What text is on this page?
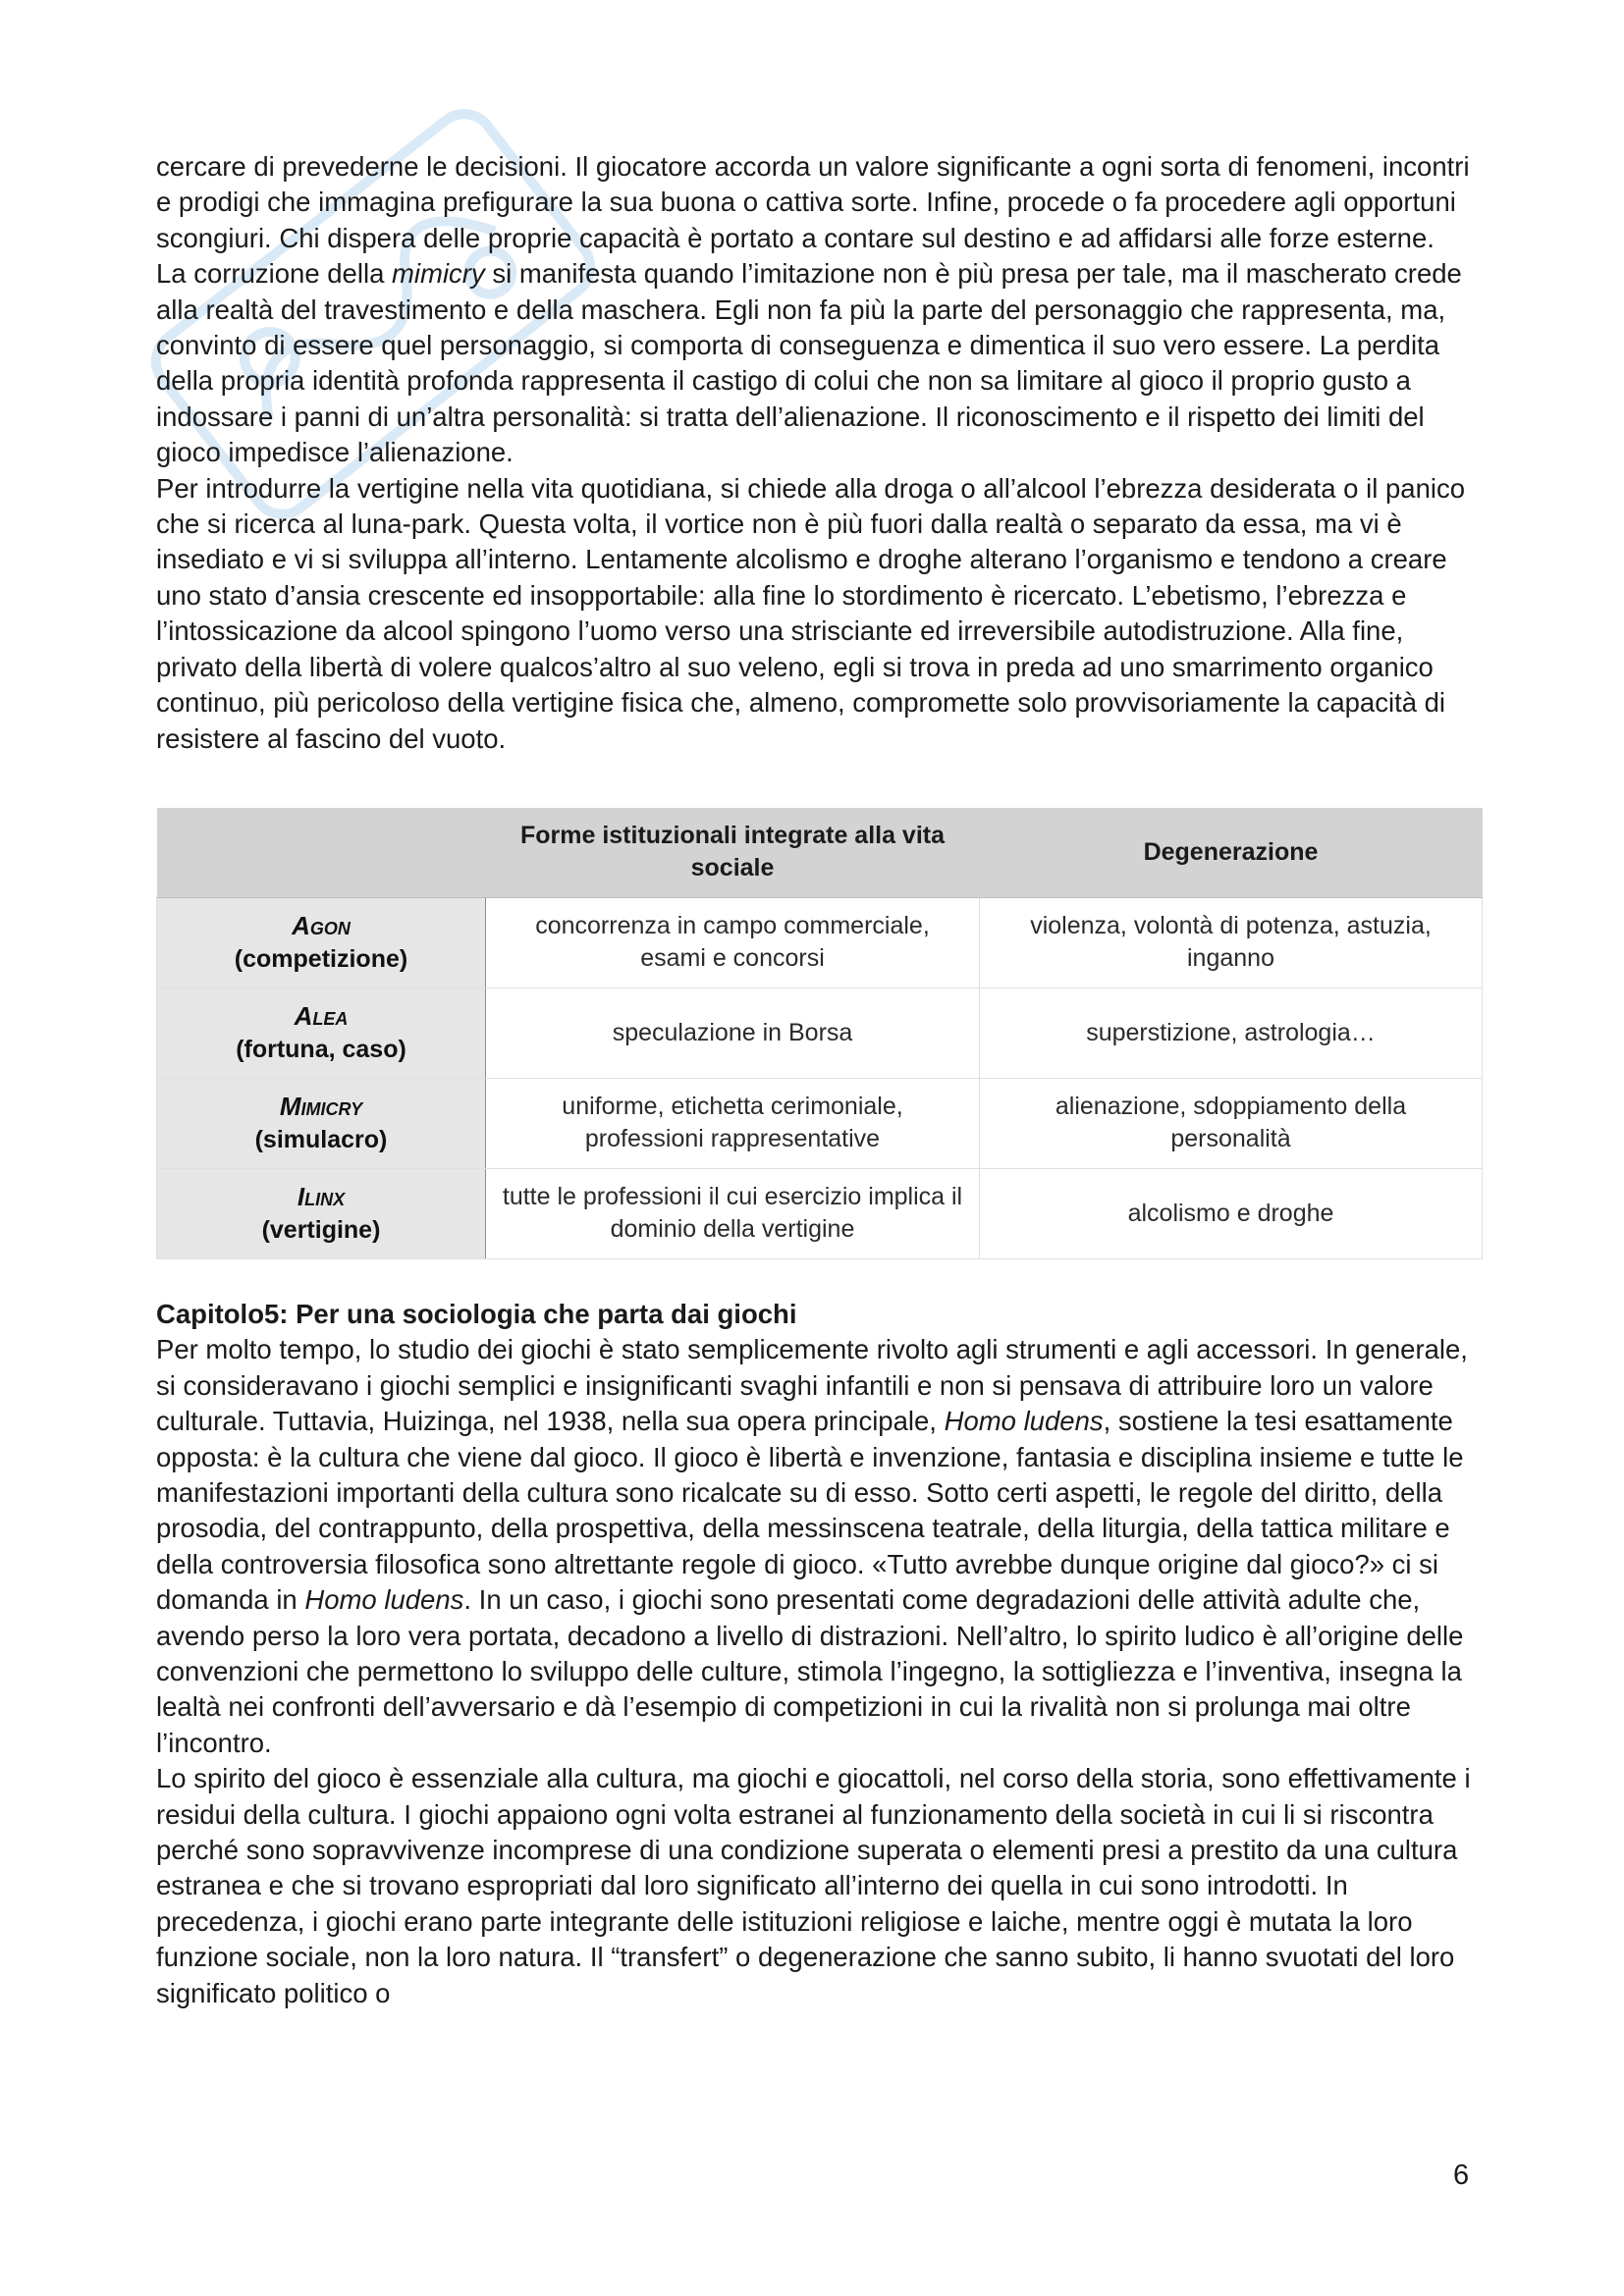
cercare di prevederne le decisioni. Il giocatore accorda un valore significante a ogni sorta di fenomeni, incontri e prodigi che immagina prefigurare la sua buona o cattiva sorte. Infine, procede o fa procedere agli opportuni scongiuri. Chi dispera delle proprie capacità è portato a contare sul destino e ad affidarsi alle forze esterne.

La corruzione della mimicry si manifesta quando l’imitazione non è più presa per tale, ma il mascherato crede alla realtà del travestimento e della maschera. Egli non fa più la parte del personaggio che rappresenta, ma, convinto di essere quel personaggio, si comporta di conseguenza e dimentica il suo vero essere. La perdita della propria identità profonda rappresenta il castigo di colui che non sa limitare al gioco il proprio gusto a indossare i panni di un’altra personalità: si tratta dell’alienazione. Il riconoscimento e il rispetto dei limiti del gioco impedisce l’alienazione.

Per introdurre la vertigine nella vita quotidiana, si chiede alla droga o all’alcool l’ebrezza desiderata o il panico che si ricerca al luna-park. Questa volta, il vortice non è più fuori dalla realtà o separato da essa, ma vi è insediato e vi si sviluppa all’interno. Lentamente alcolismo e droghe alterano l’organismo e tendono a creare uno stato d’ansia crescente ed insopportabile: alla fine lo stordimento è ricercato. L’ebetismo, l’ebrezza e l’intossicazione da alcool spingono l’uomo verso una strisciante ed irreversibile autodistruzione. Alla fine, privato della libertà di volere qualcos’altro al suo veleno, egli si trova in preda ad uno smarrimento organico continuo, più pericoloso della vertigine fisica che, almeno, compromette solo provvisoriamente la capacità di resistere al fascino del vuoto.

	Forme istituzionali integrate alla vita sociale	Degenerazione
Agon
(competizione)	concorrenza in campo commerciale, esami e concorsi	violenza, volontà di potenza, astuzia, inganno
Alea
(fortuna, caso)	speculazione in Borsa	superstizione, astrologia…
Mimicry
(simulacro)	uniforme, etichetta cerimoniale, professioni rappresentative	alienazione, sdoppiamento della personalità
Ilinx
(vertigine)	tutte le professioni il cui esercizio implica il dominio della vertigine	alcolismo e droghe
Capitolo5: Per una sociologia che parta dai giochi

Per molto tempo, lo studio dei giochi è stato semplicemente rivolto agli strumenti e agli accessori. In generale, si consideravano i giochi semplici e insignificanti svaghi infantili e non si pensava di attribuire loro un valore culturale. Tuttavia, Huizinga, nel 1938, nella sua opera principale, Homo ludens, sostiene la tesi esattamente opposta: è la cultura che viene dal gioco. Il gioco è libertà e invenzione, fantasia e disciplina insieme e tutte le manifestazioni importanti della cultura sono ricalcate su di esso. Sotto certi aspetti, le regole del diritto, della prosodia, del contrappunto, della prospettiva, della messinscena teatrale, della liturgia, della tattica militare e della controversia filosofica sono altrettante regole di gioco. «Tutto avrebbe dunque origine dal gioco?» ci si domanda in Homo ludens. In un caso, i giochi sono presentati come degradazioni delle attività adulte che, avendo perso la loro vera portata, decadono a livello di distrazioni. Nell’altro, lo spirito ludico è all’origine delle convenzioni che permettono lo sviluppo delle culture, stimola l’ingegno, la sottigliezza e l’inventiva, insegna la lealtà nei confronti dell’avversario e dà l’esempio di competizioni in cui la rivalità non si prolunga mai oltre l’incontro.

Lo spirito del gioco è essenziale alla cultura, ma giochi e giocattoli, nel corso della storia, sono effettivamente i residui della cultura. I giochi appaiono ogni volta estranei al funzionamento della società in cui li si riscontra perché sono sopravvivenze incomprese di una condizione superata o elementi presi a prestito da una cultura estranea e che si trovano espropriati dal loro significato all’interno dei quella in cui sono introdotti. In precedenza, i giochi erano parte integrante delle istituzioni religiose e laiche, mentre oggi è mutata la loro funzione sociale, non la loro natura. Il “transfert” o degenerazione che sanno subito, li hanno svuotati del loro significato politico o

6
